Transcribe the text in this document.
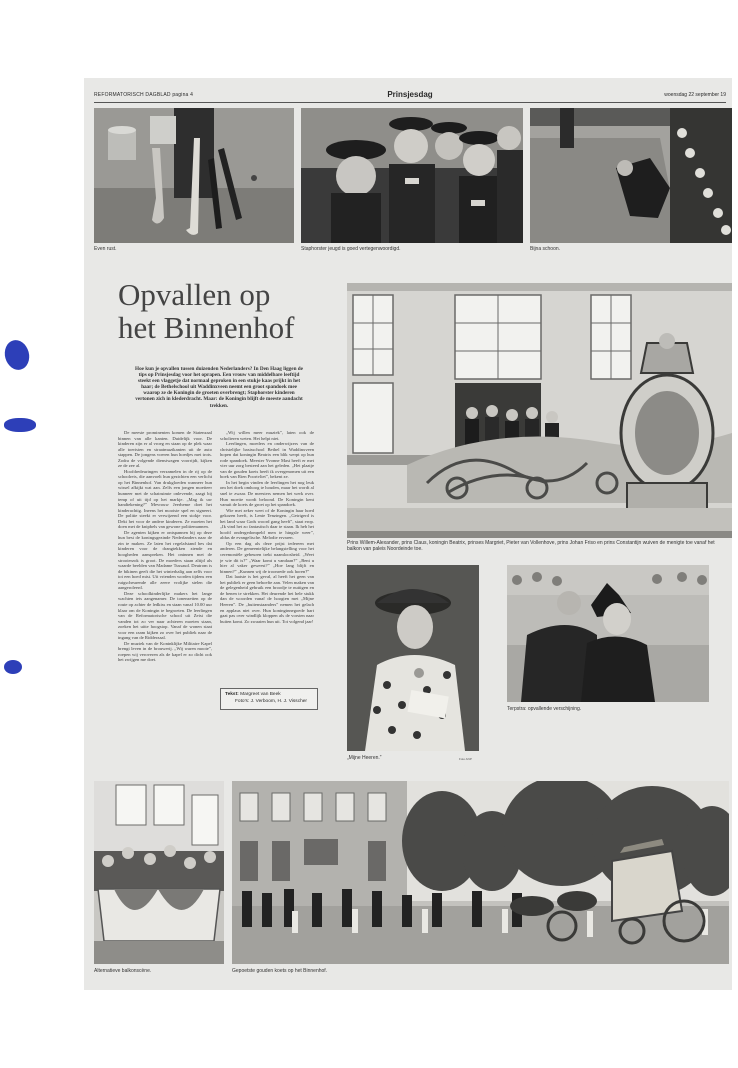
REFORMATORISCH DAGBLAD pagina 4	Prinsjesdag	woensdag 22 september 19
Even rust.	Staphorster jeugd is goed vertegenwoordigd.	Bijna schoon.
Opvallen op
het Binnenhof
Hoe kun je opvallen tussen duizenden Nederlanders? In Den Haag liggen de tips op Prinsjesdag voor het oprapen. Een vrouw van middelbare leeftijd steekt een vlaggetje dat normaal geproken in een stukje kaas prijkt in het haar; de Bethelschool uit Waddinxveen neemt een groot spandoek mee waarop ze de Koningin de groeten overbrengt; Staphorster kinderen vertonen zich in klederdracht. Maar: de Koningin blijft de meeste aandacht trekken.

De meeste prominenten komen de Statenzaal binnen van alle kanten. Duidelijk voor. De kinderen zijn er al vroeg en staan op de plek waar alle toeristen en straatmuzikanten uit de auto stappen. De jongens voeren hun hoedjes met trots. Zodra de volgende dienstwagen voorrijdt, kijken ze de zee al.

Hoofdredeuringen verzamelen in de rij op de schoolreis, die aanvoelt hun gezichten een verlicht op het Binnenhof. Van drukgloeden wanneer hun wissel afkijkt wat aan. Zelfs een jongen moeiteer hunneer met de schatruimte onlevende, zaagt bij temp of uit tijd op het markje. „Mag ik uw handtekening?” Mevrouw Jeerheme doet het kinderachtig. Ineens het mooiste spel en signeert. De politie steekt er verwijzend een stokje voor. Dekt het voor de andere kinderen. Ze moeten het doen met de knipbels van gewone politiemannen.

De agenten kijken er ontspannen bij op deze hun best de koningsgezinde Nederlanders naar de zin te maken. Ze laten het regelafstand bes dat kinderen voor de drangtekken ziende en hoogheden aanspreken. Het oninnen met de strooierzok is groot. De moeders staan altijd als waarde beelden van Madame Tussaud. Deutrom is de bikinen geeft die het winterhalig aan zelfs voor tot een hoed mist. Uit vrienden worden tijdens een ruigscheurende alle zeere vrolijke stelen die aangeroleerd.

Deze schoolkinderlijke makers het lange wachten iets aangenamer. De tonenzetten op de route op achter de ledkiss en staan vanaf 10.00 uur klaar om de Koningin te begroeten. De leerlingen van de Reformatorische school uit Zeist die vanden tot zo ver naar achteren moeten staan, zoeken het uitte hoogstop. Vanaf de wonen staat voor een raam kijken zo over het publiek naar de ingang van de Ridderzaal.

De muziek van de Koninklijke Militaire Kapel brengt leven in de brouwerij. „Wij waren mooie”, roepen wij veroveren als de kapel er zo dicht ook het zwijgen me doet.

„Wij willen meer muziek”, laten ook de scholieren weten. Het helpt niet.

Leerlingen, moeders en onderwijzers van de christelijke basisschool Bethel in Waddinxveen hopen dat koningin Beatrix een blik werpt op hun rode spandoek. Meester Yvonne Mast heeft er met vier uur zorg besteed aan het geleden. „Het plaatje van de gouden koets heeft ik overgenomen uit een boek van Rien Poortvliet”, bekent ze.

In het begin vinden de leerlingen het nog leuk om het doek omhoog te houden, maar het wordt al snel te zwaar. De meesters nemen het werk over. Hun moeite wordt beloond. De Koningin kent vanuit de koets de groet op het spandoek.

Wie met zeker weet of de Koningin haar hoed gekozen heeft, is Lenie Tenzingen. „Getrigerd is het land waar Gods woord gang heeft”, staat erop. „Ik vind het zo fantastisch daar te staan. Ik heb het hoofd ondergedompeld men te hingsle weer”, aldus de evangelische. Melodie ervaren.

Op een dag als deze prijst iedereen met anderen. De gemeentelijke belangstelling voor het ceremoniële gebeuren trekt naamloosheid. „Weet je wie dit is?” „Waar komt u vandaan?” „Bent u hier al vaker geweest?” „Hoe lang blijft en binnen?” „Kunnen wij de troonrede ook horen?”

Dat laatste is het geval, al heeft het geen van het publiek er geen behoefte aan. Velen maken van de gelegenheid gebruik een broodje te nuttigen en de benen te strekken. Het deurende het hele stukk dan de woorden vanaf de hoogten met „Mijne Heeren”. De „buitenstaanders” nemen het gelach en applaus niet over. Hun koninginnegoede hart gaat pas over windlijk kloppen als de vorsten naar buiten komt. Zo zwaaien hun uit. Tot volgend jaar!

Tekst: Margreet van Beek
Foto's: J. Verboom, H. J. Visscher
Prins Willem-Alexander, prins Claus, koningin Beatrix, prinses Margriet, Pieter van Vollenhove, prins Johan Friso en prins Constantijn wuiven de menigte toe vanaf het balkon van paleis Noordeinde toe.
„Mijne Heeren.”	Foto ANP
Terpstra: opvallende verschijning.
Alternatieve balkonscène.	Gepoetste gouden koets op het Binnenhof.
